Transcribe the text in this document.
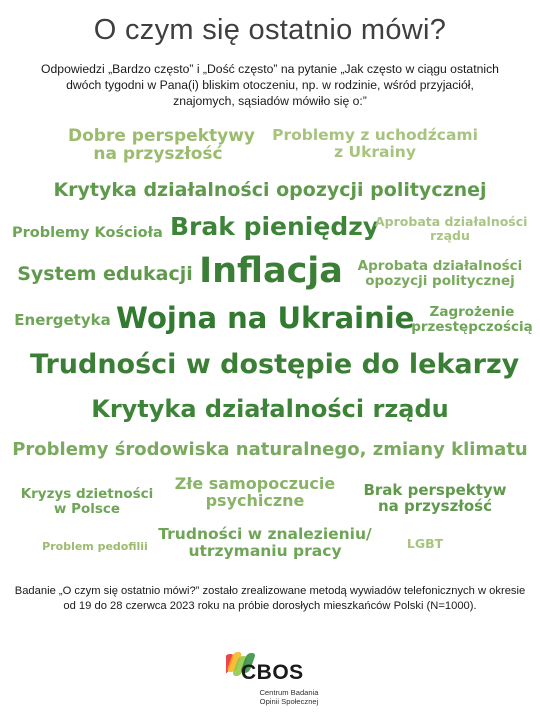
O czym się ostatnio mówi?
Odpowiedzi „Bardzo często” i „Dość często” na pytanie „Jak często w ciągu ostatnich dwóch tygodni w Pana(i) bliskim otoczeniu, np. w rodzinie, wśród przyjaciół, znajomych, sąsiadów mówiło się o:”
Dobre perspektywy
na przyszłość
Problemy z uchodźcami
z Ukrainy
Krytyka działalności opozycji politycznej
Problemy Kościoła Brak pieniędzy
Aprobata działalności
rządu
System edukacji Inflacja	Aprobata działalności
opozycji politycznej
Energetyka Wojna na Ukrainie	Zagrożenie
przestępczością
Trudności w dostępie do lekarzy
Krytyka działalności rządu
Problemy środowiska naturalnego, zmiany klimatu
Kryzys dzietności
w Polsce
Złe samopoczucie
psychiczne
Brak perspektyw
na przyszłość
Problem pedofilii
Trudności w znalezieniu/
utrzymaniu pracy	LGBT
Badanie „O czym się ostatnio mówi?” zostało zrealizowane metodą wywiadów telefonicznych w okresie od 19 do 28 czerwca 2023 roku na próbie dorosłych mieszkańców Polski (N=1000).
CBOS
Centrum Badania Opinii Społecznej
